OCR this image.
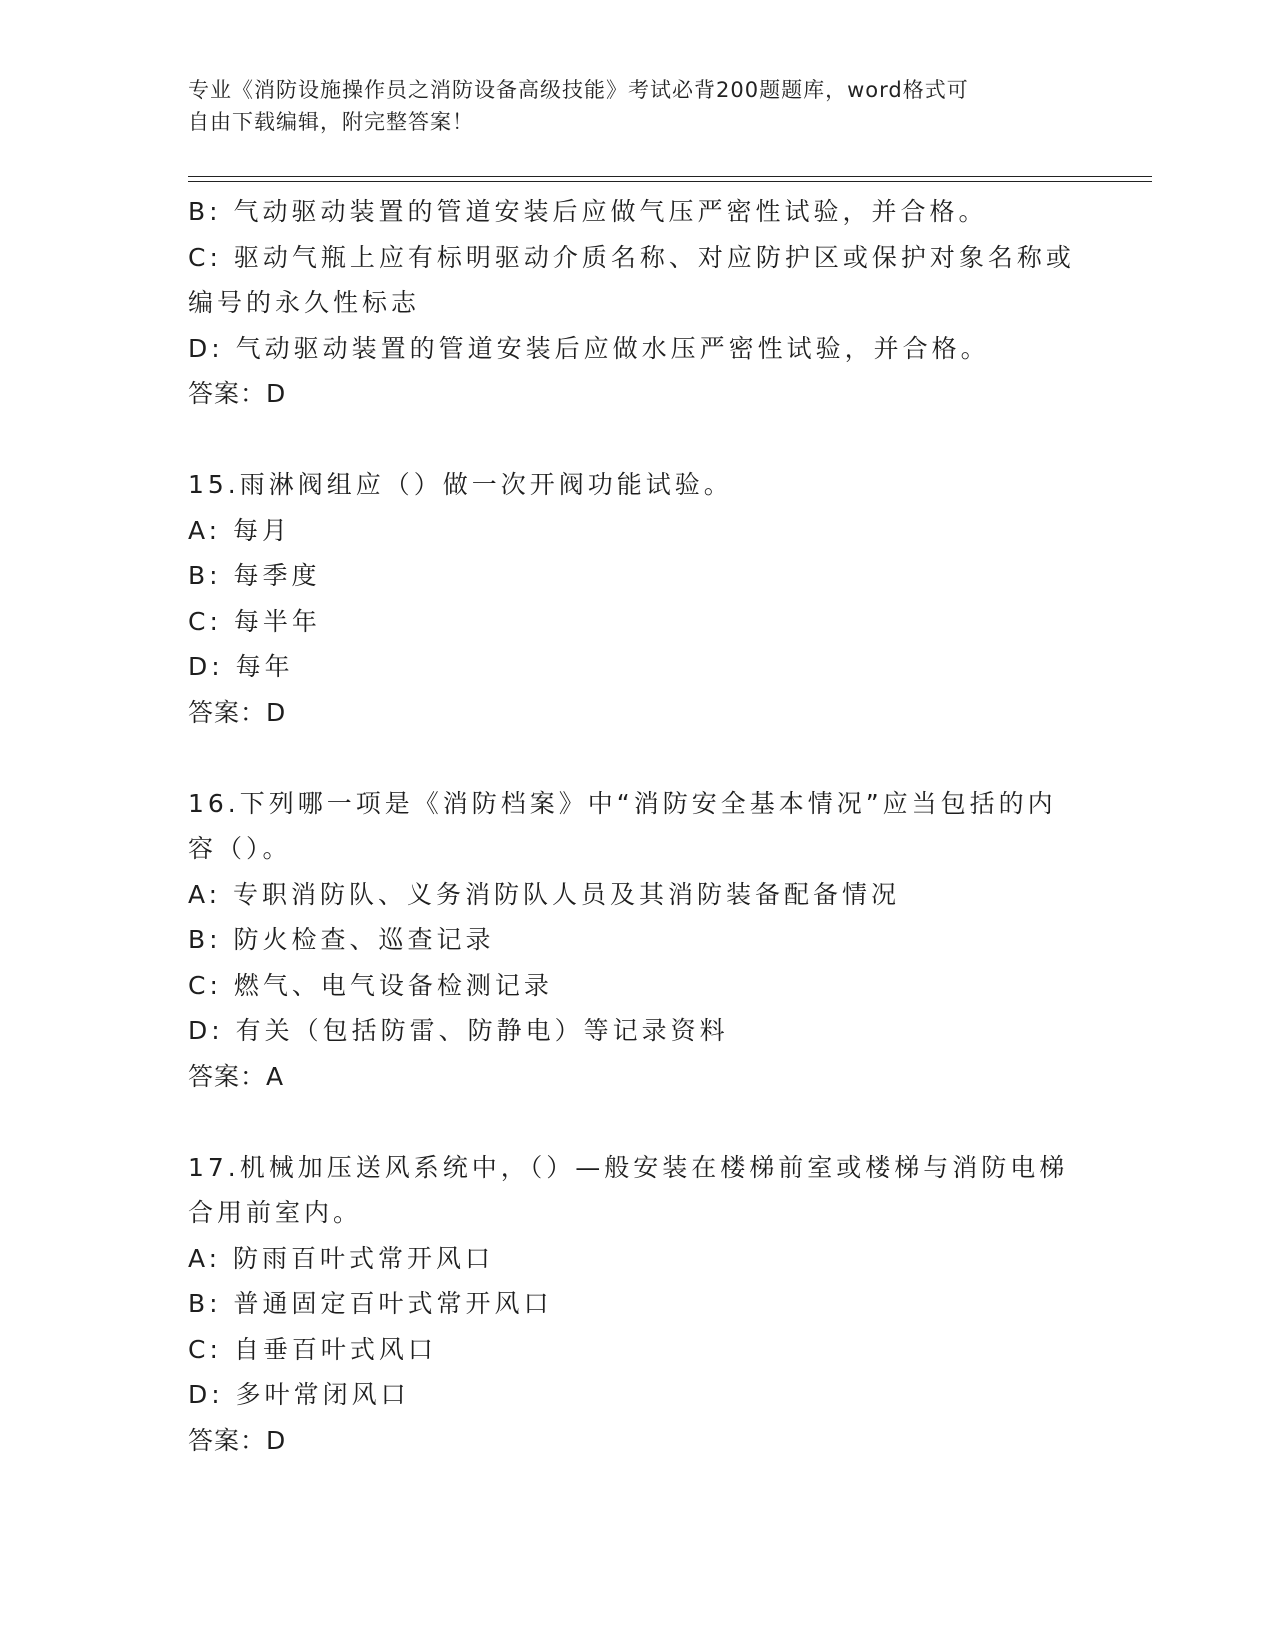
专业《消防设施操作员之消防设备高级技能》考试必背200题题库，word格式可
自由下载编辑，附完整答案！
B: 气动驱动装置的管道安装后应做气压严密性试验，并合格。
C: 驱动气瓶上应有标明驱动介质名称、对应防护区或保护对象名称或
编号的永久性标志
D: 气动驱动装置的管道安装后应做水压严密性试验，并合格。
答案：D
15.雨淋阀组应（）做一次开阀功能试验。
A: 每月
B: 每季度
C: 每半年
D: 每年
答案：D
16.下列哪一项是《消防档案》中“消防安全基本情况”应当包括的内
容（）。
A: 专职消防队、义务消防队人员及其消防装备配备情况
B: 防火检查、巡查记录
C: 燃气、电气设备检测记录
D: 有关（包括防雷、防静电）等记录资料
答案：A
17.机械加压送风系统中，（）—般安装在楼梯前室或楼梯与消防电梯
合用前室内。
A: 防雨百叶式常开风口
B: 普通固定百叶式常开风口
C: 自垂百叶式风口
D: 多叶常闭风口
答案：D
